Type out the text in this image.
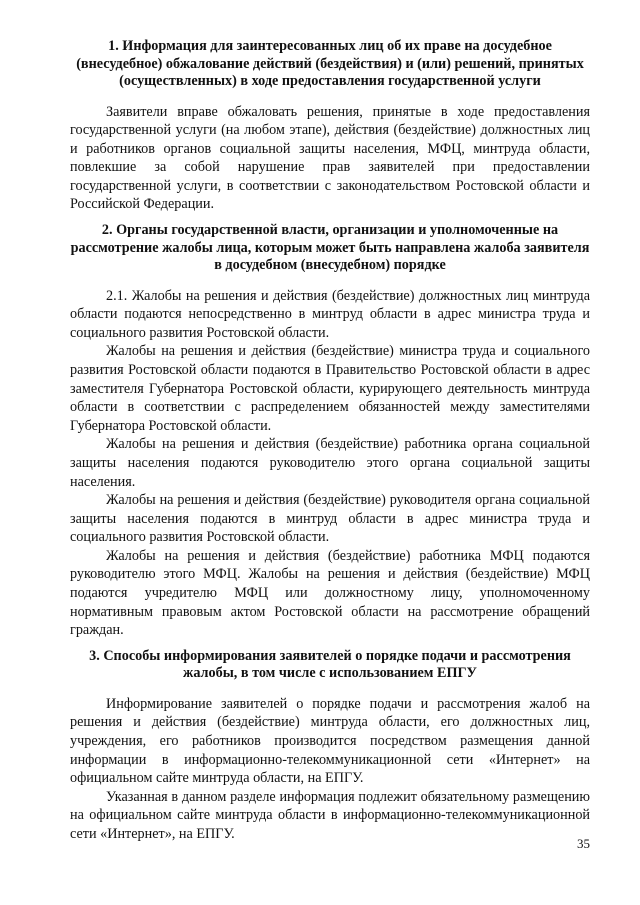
1. Информация для заинтересованных лиц об их праве на досудебное (внесудебное) обжалование действий (бездействия) и (или) решений, принятых (осуществленных) в ходе предоставления государственной услуги

Заявители вправе обжаловать решения, принятые в ходе предоставления государственной услуги (на любом этапе), действия (бездействие) должностных лиц и работников органов социальной защиты населения, МФЦ, минтруда области, повлекшие за собой нарушение прав заявителей при предоставлении государственной услуги, в соответствии с законодательством Ростовской области и Российской Федерации.

2. Органы государственной власти, организации и уполномоченные на рассмотрение жалобы лица, которым может быть направлена жалоба заявителя в досудебном (внесудебном) порядке

2.1. Жалобы на решения и действия (бездействие) должностных лиц минтруда области подаются непосредственно в минтруд области в адрес министра труда и социального развития Ростовской области.

Жалобы на решения и действия (бездействие) министра труда и социального развития Ростовской области подаются в Правительство Ростовской области в адрес заместителя Губернатора Ростовской области, курирующего деятельность минтруда области в соответствии с распределением обязанностей между заместителями Губернатора Ростовской области.

Жалобы на решения и действия (бездействие) работника органа социальной защиты населения подаются руководителю этого органа социальной защиты населения.

Жалобы на решения и действия (бездействие) руководителя органа социальной защиты населения подаются в минтруд области в адрес министра труда и социального развития Ростовской области.

Жалобы на решения и действия (бездействие) работника МФЦ подаются руководителю этого МФЦ. Жалобы на решения и действия (бездействие) МФЦ подаются учредителю МФЦ или должностному лицу, уполномоченному нормативным правовым актом Ростовской области на рассмотрение обращений граждан.

3. Способы информирования заявителей о порядке подачи и рассмотрения жалобы, в том числе с использованием ЕПГУ

Информирование заявителей о порядке подачи и рассмотрения жалоб на решения и действия (бездействие) минтруда области, его должностных лиц, учреждения, его работников производится посредством размещения данной информации в информационно-телекоммуникационной сети «Интернет» на официальном сайте минтруда области, на ЕПГУ.

Указанная в данном разделе информация подлежит обязательному размещению на официальном сайте минтруда области в информационно-телекоммуникационной сети «Интернет», на ЕПГУ.

35
